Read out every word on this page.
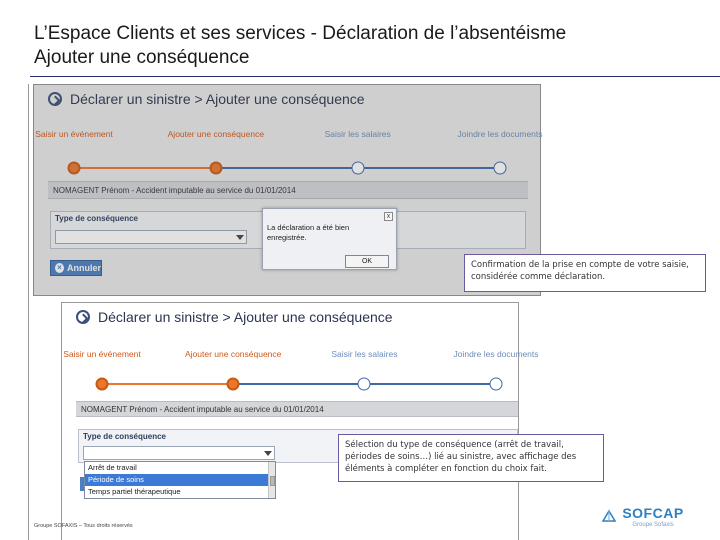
L’Espace Clients et ses services - Déclaration de l’absentéisme
Ajouter une conséquence
Déclarer un sinistre > Ajouter une conséquence
Saisir un événement	Ajouter une conséquence	Saisir les salaires	Joindre les documents
NOMAGENT Prénom - Accident imputable au service du 01/01/2014
Type de conséquence
× Annuler
x
La déclaration a été bien enregistrée.
OK	Confirmation de la prise en compte de votre saisie, considérée comme déclaration.
Déclarer un sinistre > Ajouter une conséquence
Saisir un événement	Ajouter une conséquence	Saisir les salaires	Joindre les documents
NOMAGENT Prénom - Accident imputable au service du 01/01/2014
Type de conséquence
Arrêt de travail
Période de soins
Temps partiel thérapeutique
Sélection du type de conséquence (arrêt de travail, périodes de soins…) lié au sinistre, avec affichage des éléments à compléter en fonction du choix fait.
Groupe SOFAXIS – Tous droits réservés
SOFCAP
Groupe Sofaxis
